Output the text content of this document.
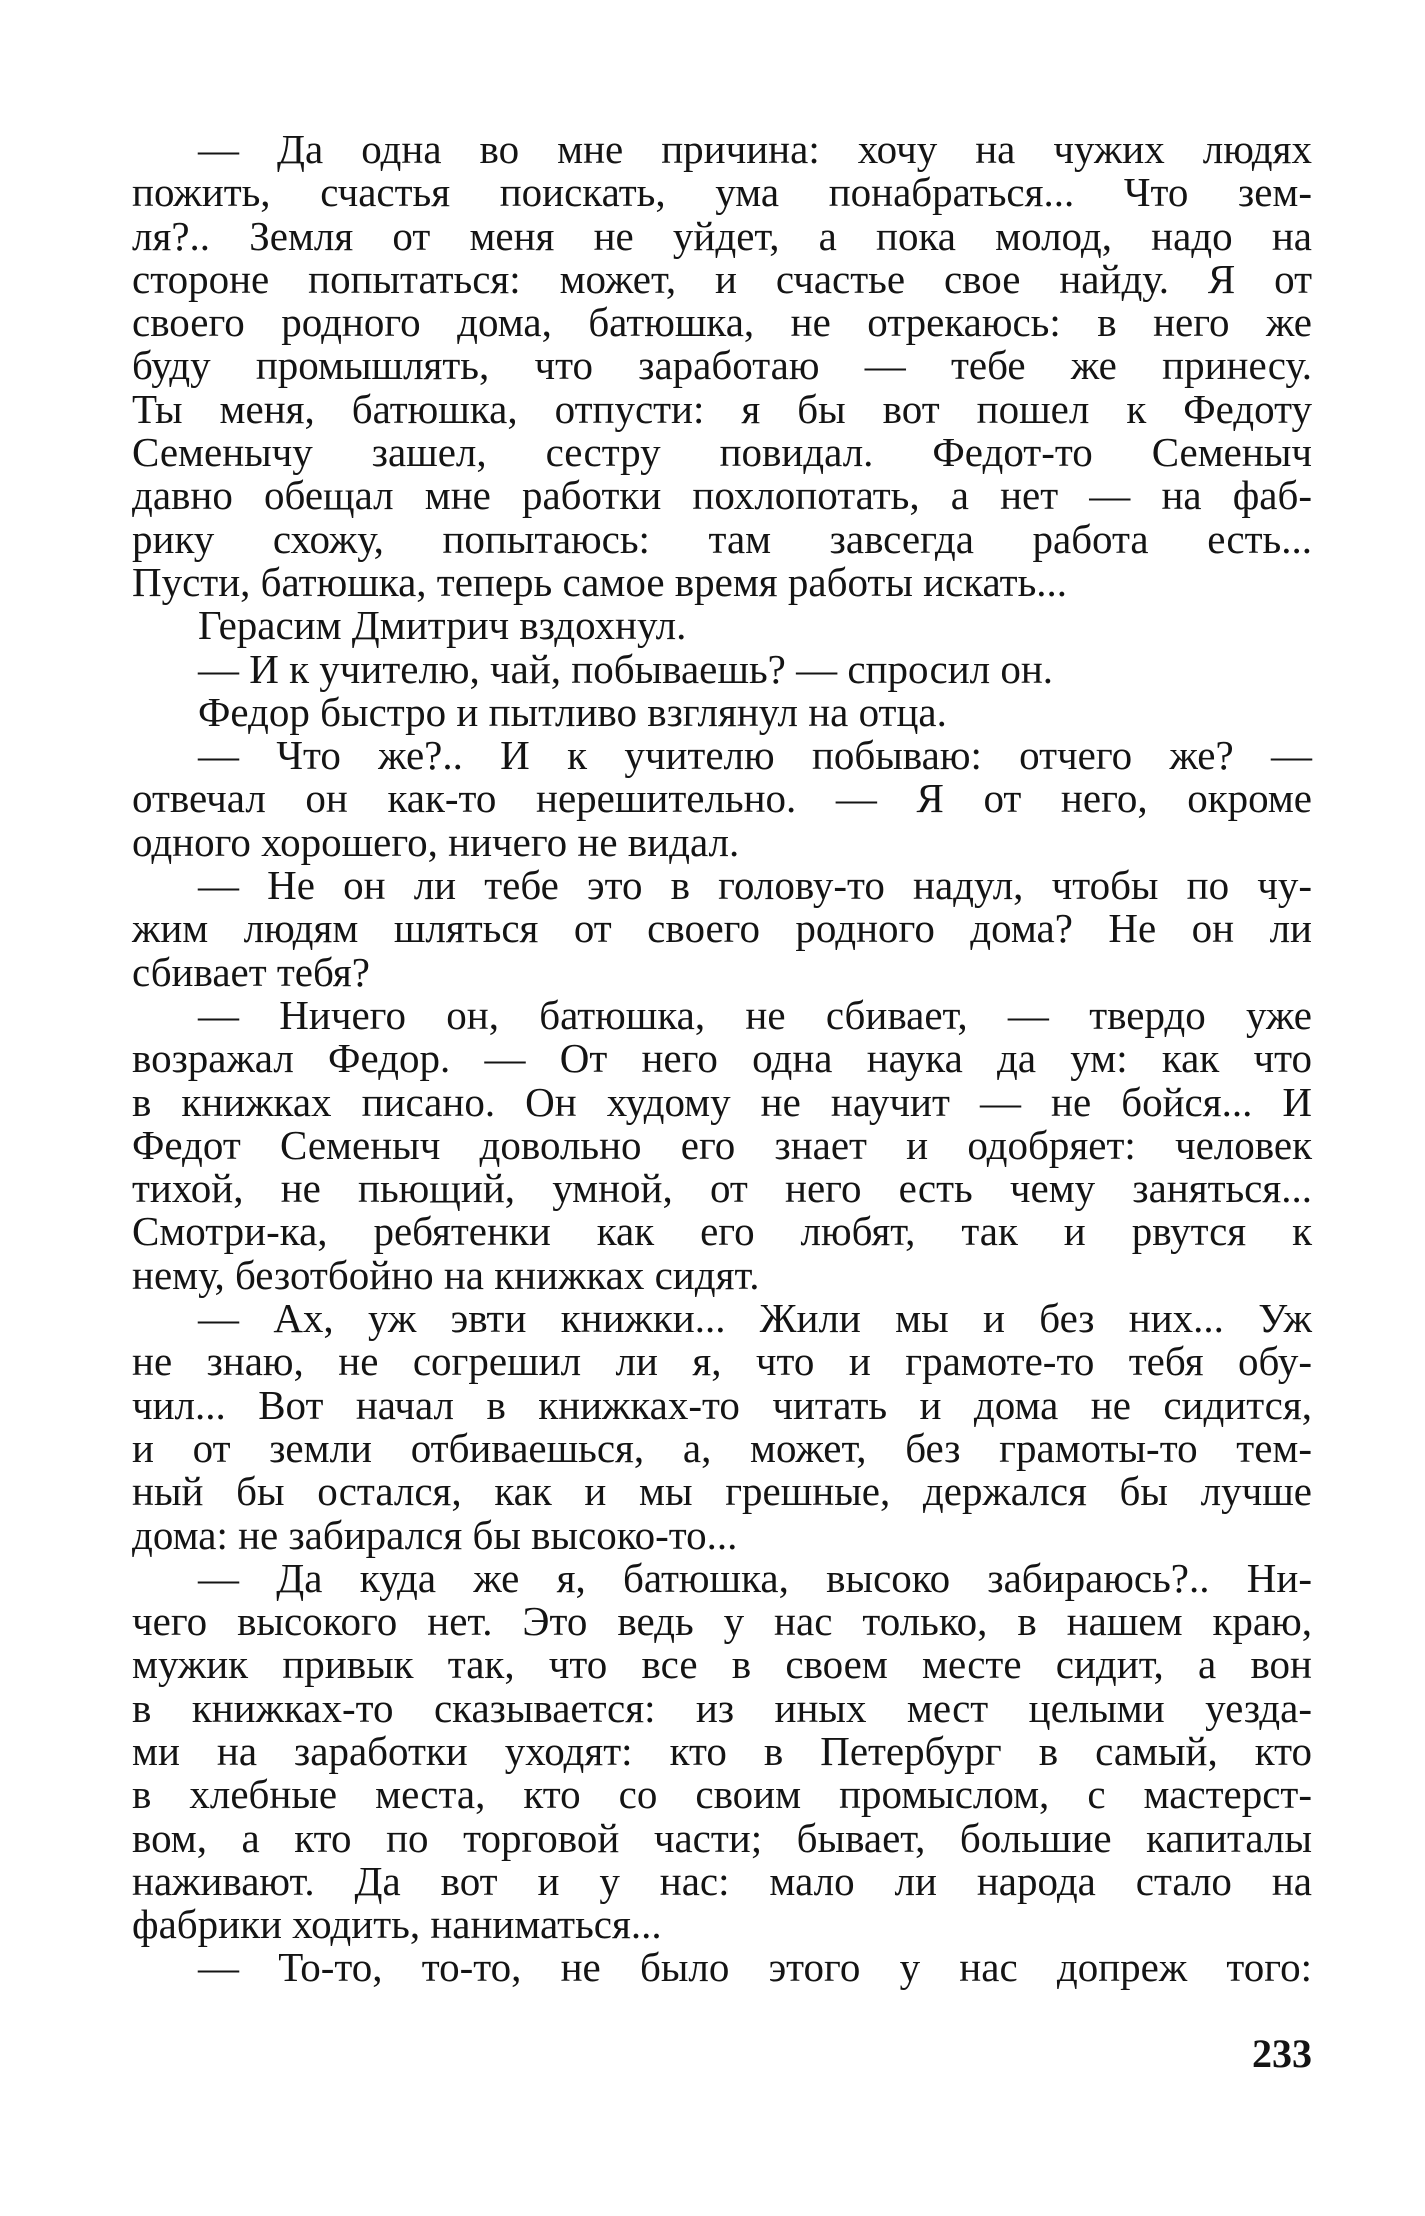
— Да одна во мне причина: хочу на чужих людях
пожить, счастья поискать, ума понабраться... Что зем-
ля?.. Земля от меня не уйдет, а пока молод, надо на
стороне попытаться: может, и счастье свое найду. Я от
своего родного дома, батюшка, не отрекаюсь: в него же
буду промышлять, что заработаю — тебе же принесу.
Ты меня, батюшка, отпусти: я бы вот пошел к Федоту
Семенычу зашел, сестру повидал. Федот-то Семеныч
давно обещал мне работки похлопотать, а нет — на фаб-
рику схожу, попытаюсь: там завсегда работа есть...
Пусти, батюшка, теперь самое время работы искать...
Герасим Дмитрич вздохнул.
— И к учителю, чай, побываешь? — спросил он.
Федор быстро и пытливо взглянул на отца.
— Что же?.. И к учителю побываю: отчего же? —
отвечал он как-то нерешительно. — Я от него, окроме
одного хорошего, ничего не видал.
— Не он ли тебе это в голову-то надул, чтобы по чу-
жим людям шляться от своего родного дома? Не он ли
сбивает тебя?
— Ничего он, батюшка, не сбивает, — твердо уже
возражал Федор. — От него одна наука да ум: как что
в книжках писано. Он худому не научит — не бойся... И
Федот Семеныч довольно его знает и одобряет: человек
тихой, не пьющий, умной, от него есть чему заняться...
Смотри-ка, ребятенки как его любят, так и рвутся к
нему, безотбойно на книжках сидят.
— Ах, уж эвти книжки... Жили мы и без них... Уж
не знаю, не согрешил ли я, что и грамоте-то тебя обу-
чил... Вот начал в книжках-то читать и дома не сидится,
и от земли отбиваешься, а, может, без грамоты-то тем-
ный бы остался, как и мы грешные, держался бы лучше
дома: не забирался бы высоко-то...
— Да куда же я, батюшка, высоко забираюсь?.. Ни-
чего высокого нет. Это ведь у нас только, в нашем краю,
мужик привык так, что все в своем месте сидит, а вон
в книжках-то сказывается: из иных мест целыми уезда-
ми на заработки уходят: кто в Петербург в самый, кто
в хлебные места, кто со своим промыслом, с мастерст-
вом, а кто по торговой части; бывает, большие капиталы
наживают. Да вот и у нас: мало ли народа стало на
фабрики ходить, наниматься...
— То-то, то-то, не было этого у нас допреж того:
233
